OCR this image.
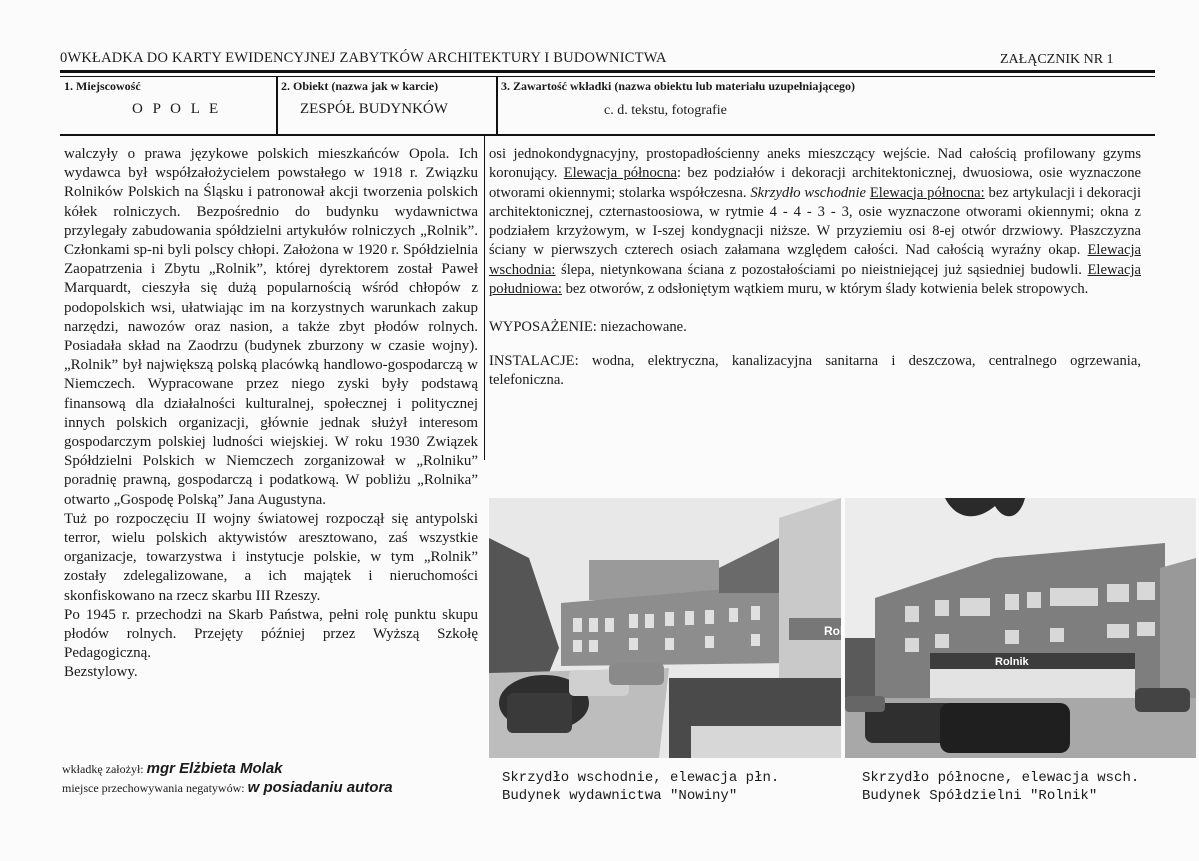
0WKŁADKA DO KARTY EWIDENCYJNEJ ZABYTKÓW ARCHITEKTURY I BUDOWNICTWA	ZAŁĄCZNIK NR 1
1. Miejscowość
O P O L E
2. Obiekt (nazwa jak w karcie)
ZESPÓŁ BUDYNKÓW
3. Zawartość wkładki (nazwa obiektu lub materiału uzupełniającego)
c. d. tekstu, fotografie

walczyły o prawa językowe polskich mieszkańców Opola. Ich wydawca był współzałożycielem powstałego w 1918 r. Związku Rolników Polskich na Śląsku i patronował akcji tworzenia polskich kółek rolniczych. Bezpośrednio do budynku wydawnictwa przylegały zabudowania spółdzielni artykułów rolniczych „Rolnik”. Członkami sp-ni byli polscy chłopi. Założona w 1920 r. Spółdzielnia Zaopatrzenia i Zbytu „Rolnik”, której dyrektorem został Paweł Marquardt, cieszyła się dużą popularnością wśród chłopów z podopolskich wsi, ułatwiając im na korzystnych warunkach zakup narzędzi, nawozów oraz nasion, a także zbyt płodów rolnych. Posiadała skład na Zaodrzu (budynek zburzony w czasie wojny). „Rolnik” był największą polską placówką handlowo-gospodarczą w Niemczech. Wypracowane przez niego zyski były podstawą finansową dla działalności kulturalnej, społecznej i politycznej innych polskich organizacji, głównie jednak służył interesom gospodarczym polskiej ludności wiejskiej. W roku 1930 Związek Spółdzielni Polskich w Niemczech zorganizował w „Rolniku” poradnię prawną, gospodarczą i podatkową. W pobliżu „Rolnika” otwarto „Gospodę Polską” Jana Augustyna.

Tuż po rozpoczęciu II wojny światowej rozpoczął się antypolski terror, wielu polskich aktywistów aresztowano, zaś wszystkie organizacje, towarzystwa i instytucje polskie, w tym „Rolnik” zostały zdelegalizowane, a ich majątek i nieruchomości skonfiskowano na rzecz skarbu III Rzeszy.

Po 1945 r. przechodzi na Skarb Państwa, pełni rolę punktu skupu płodów rolnych. Przejęty później przez Wyższą Szkołę Pedagogiczną.

Bezstylowy.

wkładkę założył: mgr Elżbieta Molak
miejsce przechowywania negatywów: w posiadaniu autora

osi jednokondygnacyjny, prostopadłościenny aneks mieszczący wejście. Nad całością profilowany gzyms koronujący. Elewacja północna: bez podziałów i dekoracji architektonicznej, dwuosiowa, osie wyznaczone otworami okiennymi; stolarka współczesna. Skrzydło wschodnie Elewacja północna: bez artykulacji i dekoracji architektonicznej, czternastoosiowa, w rytmie 4 - 4 - 3 - 3, osie wyznaczone otworami okiennymi; okna z podziałem krzyżowym, w I-szej kondygnacji niższe. W przyziemiu osi 8-ej otwór drzwiowy. Płaszczyzna ściany w pierwszych czterech osiach załamana względem całości. Nad całością wyraźny okap. Elewacja wschodnia: ślepa, nietynkowana ściana z pozostałościami po nieistniejącej już sąsiedniej budowli. Elewacja południowa: bez otworów, z odsłoniętym wątkiem muru, w którym ślady kotwienia belek stropowych.

WYPOSAŻENIE: niezachowane.

INSTALACJE: wodna, elektryczna, kanalizacyjna sanitarna i deszczowa, centralnego ogrzewania, telefoniczna.

Rol
Rolnik
Skrzydło wschodnie, elewacja płn.
Budynek wydawnictwa "Nowiny"
Skrzydło północne, elewacja wsch.
Budynek Spółdzielni "Rolnik"
